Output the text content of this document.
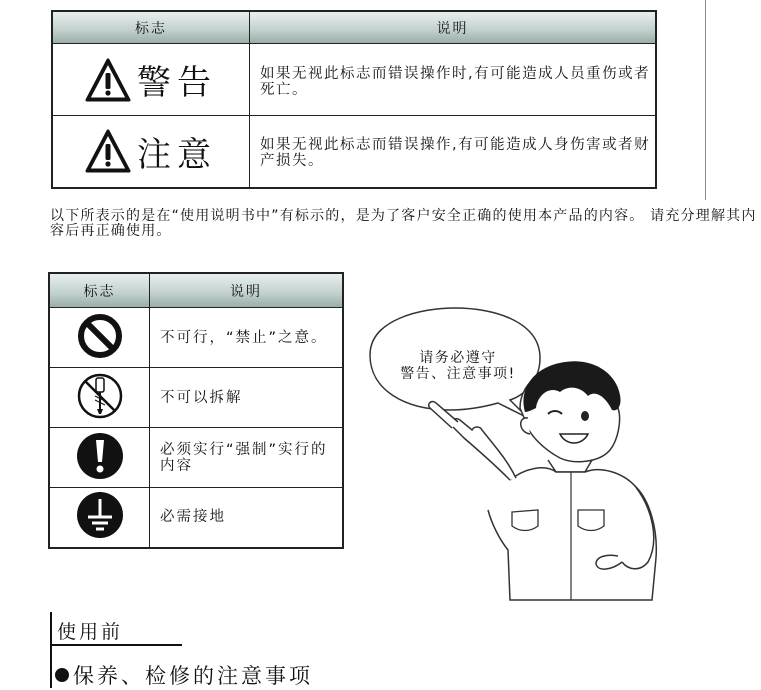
标志	说明

警告	如果无视此标志而错误操作时,有可能造成人员重伤或者死亡。

注意	如果无视此标志而错误操作,有可能造成人身伤害或者财产损失。
以下所表示的是在“使用说明书中”有标示的，是为了客户安全正确的使用本产品的内容。 请充分理解其内容后再正确使用。
标志	说明
	不可行，“禁止”之意。
	不可以拆解
	必须实行“强制”实行的内容
	必需接地
请务必遵守
警告、注意事项!
使用前
保养、检修的注意事项
